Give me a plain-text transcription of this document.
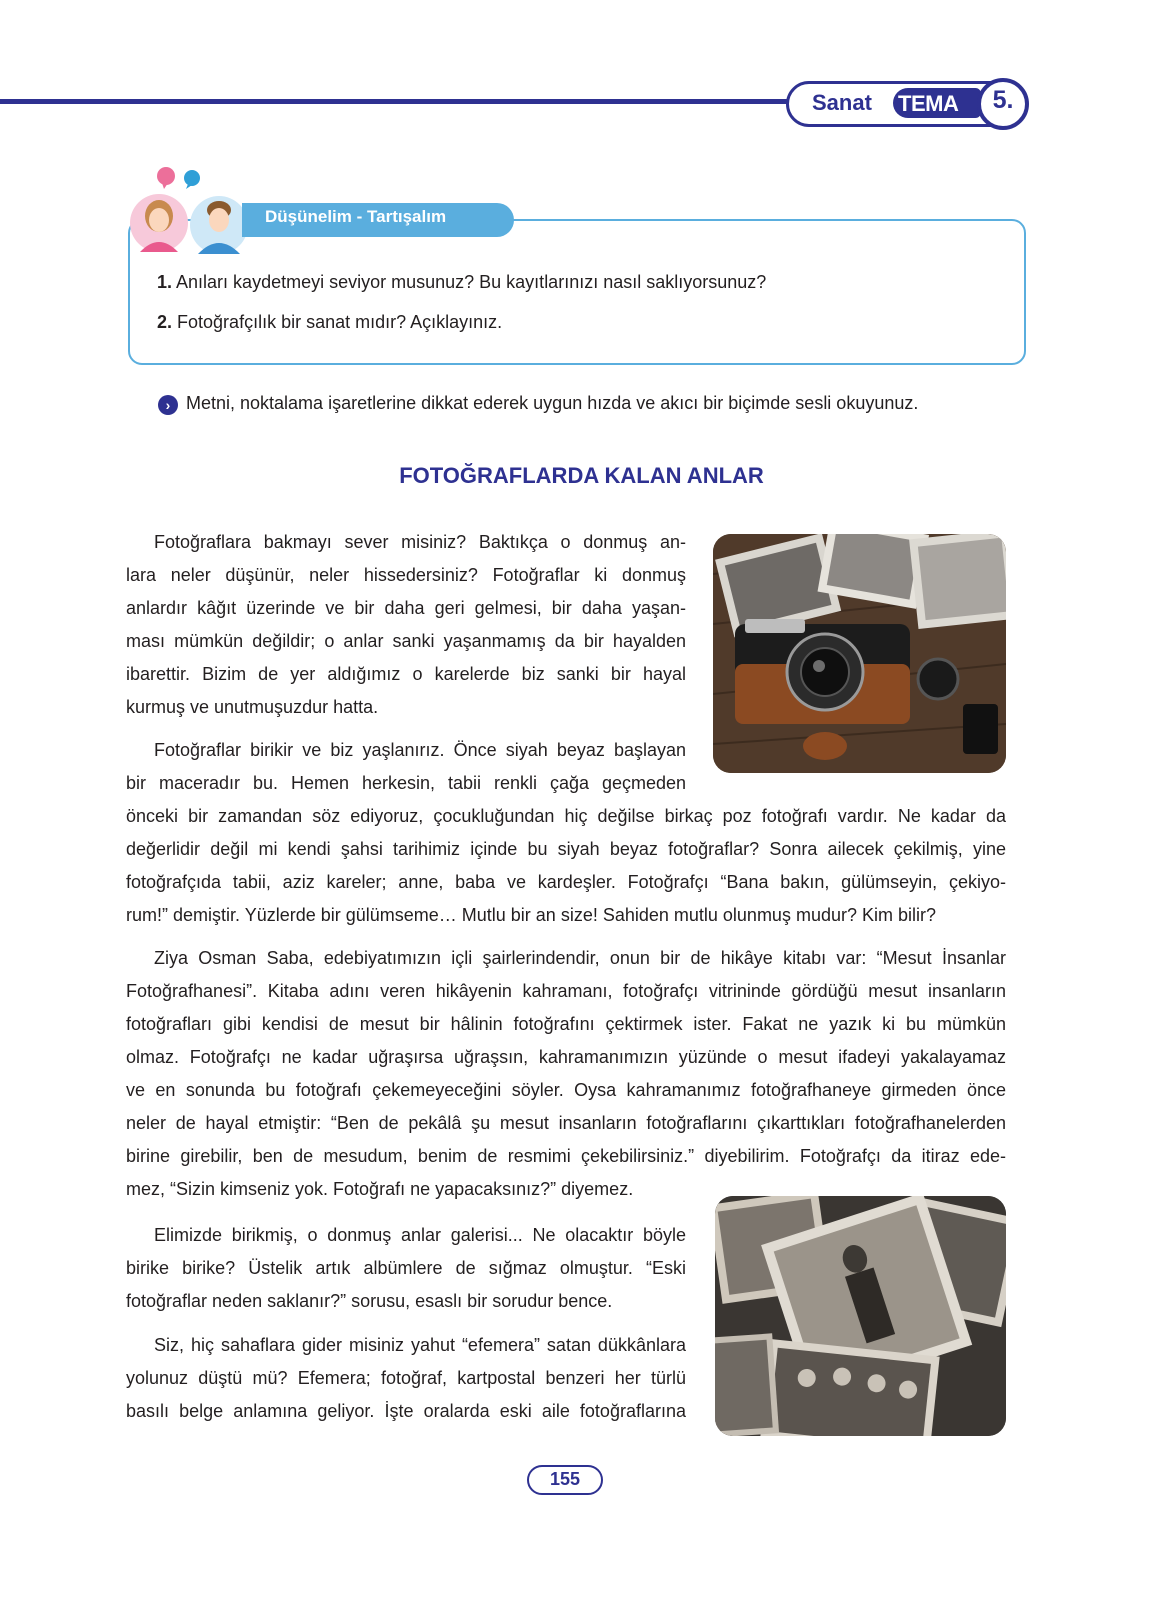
Sanat TEMA	5.
Düşünelim - Tartışalım
1. Anıları kaydetmeyi seviyor musunuz? Bu kayıtlarınızı nasıl saklıyorsunuz?
2. Fotoğrafçılık bir sanat mıdır? Açıklayınız.
› Metni, noktalama işaretlerine dikkat ederek uygun hızda ve akıcı bir biçimde sesli okuyunuz.
FOTOĞRAFLARDA KALAN ANLAR
Fotoğraflara bakmayı sever misiniz? Baktıkça o donmuş an-
lara neler düşünür, neler hissedersiniz? Fotoğraflar ki donmuş
anlardır kâğıt üzerinde ve bir daha geri gelmesi, bir daha yaşan-
ması mümkün değildir; o anlar sanki yaşanmamış da bir hayalden
ibarettir. Bizim de yer aldığımız o karelerde biz sanki bir hayal
kurmuş ve unutmuşuzdur hatta.
Fotoğraflar birikir ve biz yaşlanırız. Önce siyah beyaz başlayan
bir maceradır bu. Hemen herkesin, tabii renkli çağa geçmeden
önceki bir zamandan söz ediyoruz, çocukluğundan hiç değilse birkaç poz fotoğrafı vardır. Ne kadar da
değerlidir değil mi kendi şahsi tarihimiz içinde bu siyah beyaz fotoğraflar? Sonra ailecek çekilmiş, yine
fotoğrafçıda tabii, aziz kareler; anne, baba ve kardeşler. Fotoğrafçı “Bana bakın, gülümseyin, çekiyo-
rum!” demiştir. Yüzlerde bir gülümseme… Mutlu bir an size! Sahiden mutlu olunmuş mudur? Kim bilir?
Ziya Osman Saba, edebiyatımızın içli şairlerindendir, onun bir de hikâye kitabı var: “Mesut İnsanlar
Fotoğrafhanesi”. Kitaba adını veren hikâyenin kahramanı, fotoğrafçı vitrininde gördüğü mesut insanların
fotoğrafları gibi kendisi de mesut bir hâlinin fotoğrafını çektirmek ister. Fakat ne yazık ki bu mümkün
olmaz. Fotoğrafçı ne kadar uğraşırsa uğraşsın, kahramanımızın yüzünde o mesut ifadeyi yakalayamaz
ve en sonunda bu fotoğrafı çekemeyeceğini söyler. Oysa kahramanımız fotoğrafhaneye girmeden önce
neler de hayal etmiştir: “Ben de pekâlâ şu mesut insanların fotoğraflarını çıkarttıkları fotoğrafhanelerden
birine girebilir, ben de mesudum, benim de resmimi çekebilirsiniz.” diyebilirim. Fotoğrafçı da itiraz ede-
mez, “Sizin kimseniz yok. Fotoğrafı ne yapacaksınız?” diyemez.
Elimizde birikmiş, o donmuş anlar galerisi... Ne olacaktır böyle
birike birike? Üstelik artık albümlere de sığmaz olmuştur. “Eski
fotoğraflar neden saklanır?” sorusu, esaslı bir sorudur bence.
Siz, hiç sahaflara gider misiniz yahut “efemera” satan dükkânlara
yolunuz düştü mü? Efemera; fotoğraf, kartpostal benzeri her türlü
basılı belge anlamına geliyor. İşte oralarda eski aile fotoğraflarına
155
